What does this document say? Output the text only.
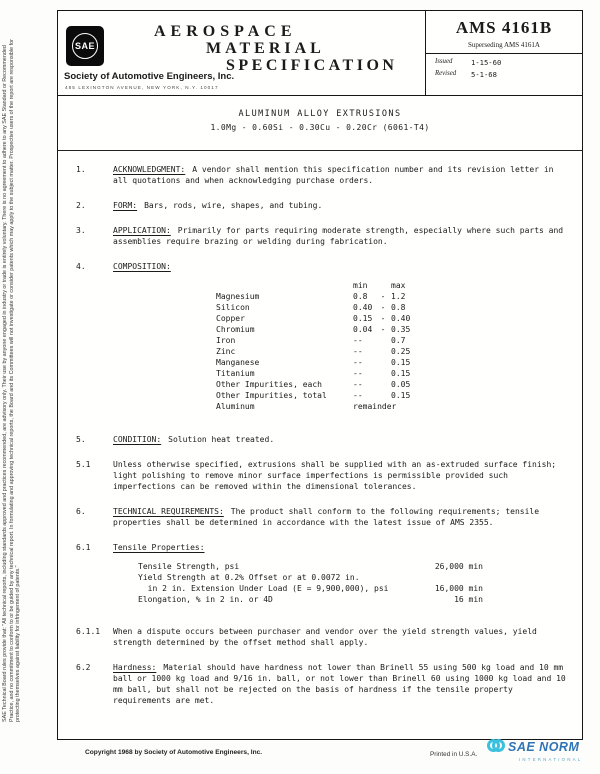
SAE Technical Board rules provide that: "All technical reports, including standards approved and practices recommended, are advisory only. Their use by anyone engaged in industry or trade is entirely voluntary. There is no agreement to adhere to any SAE Standard or Recommended Practice, and no commitment to conform to or be guided by any technical report. In formulating and approving technical reports, the Board and its Committees will not investigate or consider patents which may apply to the subject matter. Prospective users of the report are responsible for protecting themselves against liability for infringement of patents."
SAE
AEROSPACE
MATERIAL
SPECIFICATION
Society of Automotive Engineers, Inc.
485 LEXINGTON AVENUE, NEW YORK, N.Y. 10017
AMS 4161B
Superseding AMS 4161A
Issued	1-15-60
Revised	5-1-68
ALUMINUM ALLOY EXTRUSIONS
1.0Mg - 0.60Si - 0.30Cu - 0.20Cr (6061-T4)
1.	ACKNOWLEDGMENT: A vendor shall mention this specification number and its revision letter in all quotations and when acknowledging purchase orders.
2.	FORM: Bars, rods, wire, shapes, and tubing.
3.	APPLICATION: Primarily for parts requiring moderate strength, especially where such parts and assemblies require brazing or welding during fabrication.
4.	COMPOSITION:
min	max
Magnesium	0.8	- 1.2
Silicon	0.40	- 0.8
Copper	0.15	- 0.40
Chromium	0.04	- 0.35
Iron	--	0.7
Zinc	--	0.25
Manganese	--	0.15
Titanium	--	0.15
Other Impurities, each	--	0.05
Other Impurities, total	--	0.15
Aluminum	remainder
5.	CONDITION: Solution heat treated.
5.1	Unless otherwise specified, extrusions shall be supplied with an as-extruded surface finish; light polishing to remove minor surface imperfections is permissible provided such imperfections can be removed within the dimensional tolerances.
6.	TECHNICAL REQUIREMENTS: The product shall conform to the following requirements; tensile properties shall be determined in accordance with the latest issue of AMS 2355.
6.1	Tensile Properties:
Tensile Strength, psi	26,000 min
Yield Strength at 0.2% Offset or at 0.0072 in.
in 2 in. Extension Under Load (E = 9,900,000), psi	16,000 min
Elongation, % in 2 in. or 4D	16 min
6.1.1	When a dispute occurs between purchaser and vendor over the yield strength values, yield strength determined by the offset method shall apply.
6.2	Hardness: Material should have hardness not lower than Brinell 55 using 500 kg load and 10 mm ball or 1000 kg load and 9/16 in. ball, or not lower than Brinell 60 using 1000 kg load and 10 mm ball, but shall not be rejected on the basis of hardness if the tensile property requirements are met.
Copyright 1968 by Society of Automotive Engineers, Inc.	Printed in U.S.A.
SAE NORM
INTERNATIONAL
